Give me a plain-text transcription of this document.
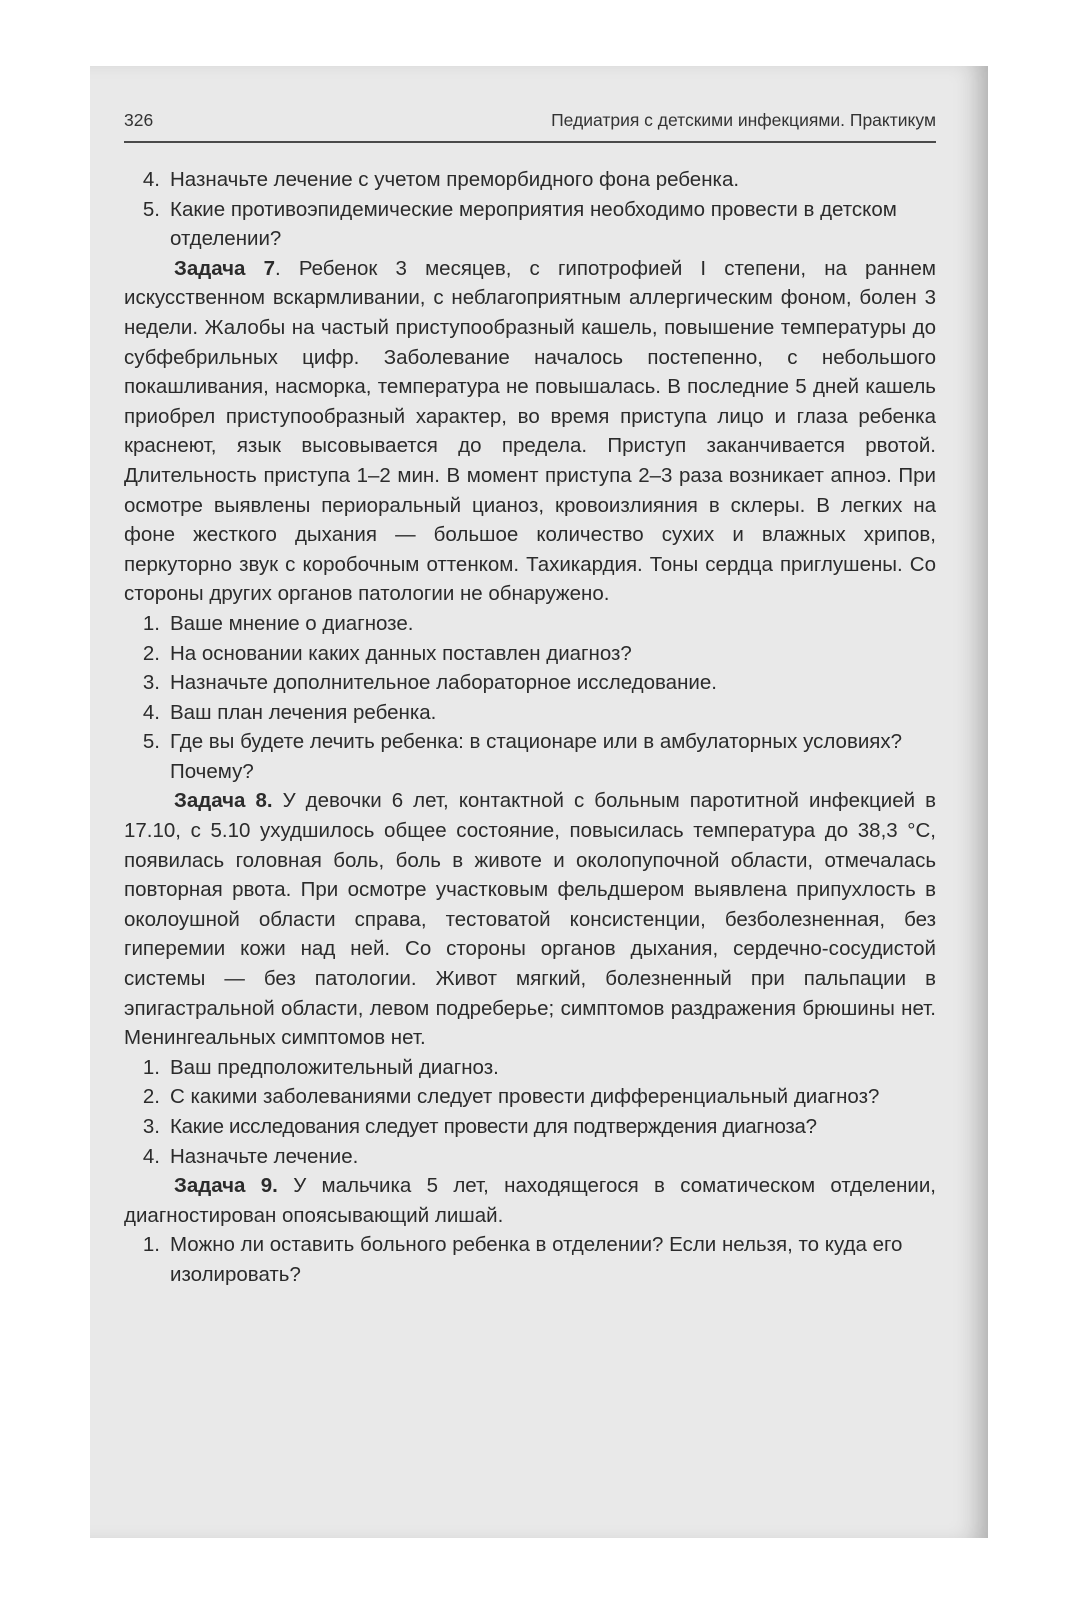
326	Педиатрия с детскими инфекциями. Практикум
4. Назначьте лечение с учетом преморбидного фона ребенка.
5. Какие противоэпидемические мероприятия необходимо провести в детском отделении?

Задача 7. Ребенок 3 месяцев, с гипотрофией I степени, на раннем искусственном вскармливании, с неблагоприятным аллергическим фоном, болен 3 недели. Жалобы на частый приступообразный кашель, повышение температуры до субфебрильных цифр. Заболевание началось постепенно, с небольшого покашливания, насморка, температура не повышалась. В последние 5 дней кашель приобрел приступообразный характер, во время приступа лицо и глаза ребенка краснеют, язык высовывается до предела. Приступ заканчивается рвотой. Длительность приступа 1–2 мин. В момент приступа 2–3 раза возникает апноэ. При осмотре выявлены периоральный цианоз, кровоизлияния в склеры. В легких на фоне жесткого дыхания — большое количество сухих и влажных хрипов, перкуторно звук с коробочным оттенком. Тахикардия. Тоны сердца приглушены. Со стороны других органов патологии не обнаружено.

1. Ваше мнение о диагнозе.
2. На основании каких данных поставлен диагноз?
3. Назначьте дополнительное лабораторное исследование.
4. Ваш план лечения ребенка.
5. Где вы будете лечить ребенка: в стационаре или в амбулаторных условиях? Почему?

Задача 8. У девочки 6 лет, контактной с больным паротитной инфекцией в 17.10, с 5.10 ухудшилось общее состояние, повысилась температура до 38,3 °С, появилась головная боль, боль в животе и околопупочной области, отмечалась повторная рвота. При осмотре участковым фельдшером выявлена припухлость в околоушной области справа, тестоватой консистенции, безболезненная, без гиперемии кожи над ней. Со стороны органов дыхания, сердечно-сосудистой системы — без патологии. Живот мягкий, болезненный при пальпации в эпигастральной области, левом подреберье; симптомов раздражения брюшины нет. Менингеальных симптомов нет.

1. Ваш предположительный диагноз.
2. С какими заболеваниями следует провести дифференциальный диагноз?
3. Какие исследования следует провести для подтверждения диагноза?
4. Назначьте лечение.

Задача 9. У мальчика 5 лет, находящегося в соматическом отделении, диагностирован опоясывающий лишай.

1. Можно ли оставить больного ребенка в отделении? Если нельзя, то куда его изолировать?
